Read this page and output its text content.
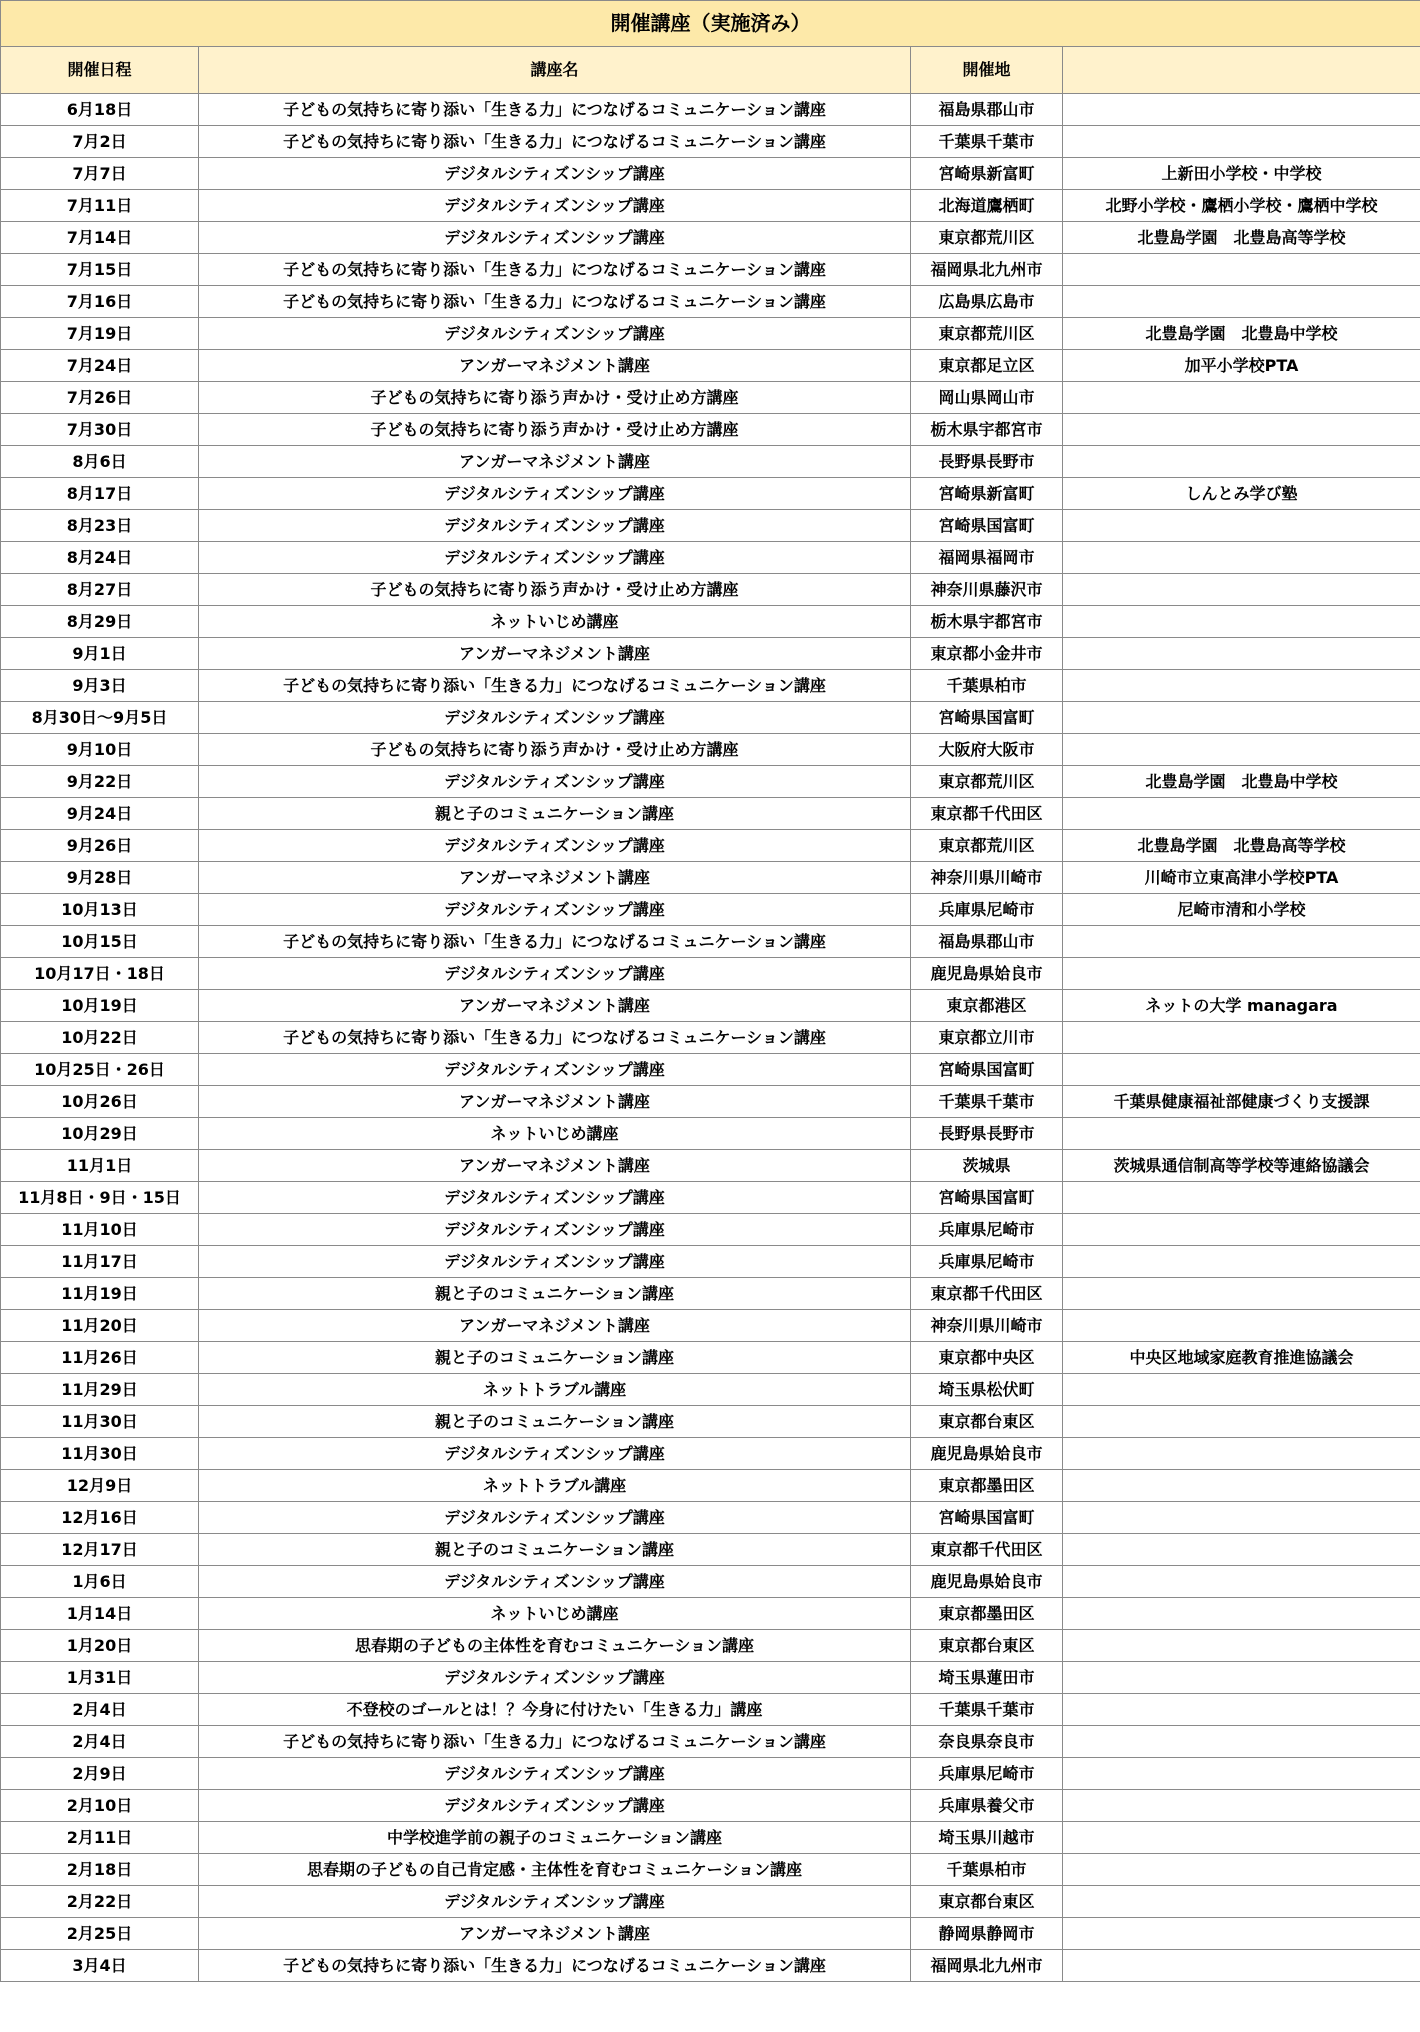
開催講座（実施済み）			
開催日程	講座名	開催地	
6月18日	子どもの気持ちに寄り添い「生きる力」につなげるコミュニケーション講座	福島県郡山市	
7月2日	子どもの気持ちに寄り添い「生きる力」につなげるコミュニケーション講座	千葉県千葉市	
7月7日	デジタルシティズンシップ講座	宮崎県新富町	上新田小学校・中学校
7月11日	デジタルシティズンシップ講座	北海道鷹栖町	北野小学校・鷹栖小学校・鷹栖中学校
7月14日	デジタルシティズンシップ講座	東京都荒川区	北豊島学園　北豊島高等学校
7月15日	子どもの気持ちに寄り添い「生きる力」につなげるコミュニケーション講座	福岡県北九州市	
7月16日	子どもの気持ちに寄り添い「生きる力」につなげるコミュニケーション講座	広島県広島市	
7月19日	デジタルシティズンシップ講座	東京都荒川区	北豊島学園　北豊島中学校
7月24日	アンガーマネジメント講座	東京都足立区	加平小学校PTA
7月26日	子どもの気持ちに寄り添う声かけ・受け止め方講座	岡山県岡山市	
7月30日	子どもの気持ちに寄り添う声かけ・受け止め方講座	栃木県宇都宮市	
8月6日	アンガーマネジメント講座	長野県長野市	
8月17日	デジタルシティズンシップ講座	宮崎県新富町	しんとみ学び塾
8月23日	デジタルシティズンシップ講座	宮崎県国富町	
8月24日	デジタルシティズンシップ講座	福岡県福岡市	
8月27日	子どもの気持ちに寄り添う声かけ・受け止め方講座	神奈川県藤沢市	
8月29日	ネットいじめ講座	栃木県宇都宮市	
9月1日	アンガーマネジメント講座	東京都小金井市	
9月3日	子どもの気持ちに寄り添い「生きる力」につなげるコミュニケーション講座	千葉県柏市	
8月30日～9月5日	デジタルシティズンシップ講座	宮崎県国富町	
9月10日	子どもの気持ちに寄り添う声かけ・受け止め方講座	大阪府大阪市	
9月22日	デジタルシティズンシップ講座	東京都荒川区	北豊島学園　北豊島中学校
9月24日	親と子のコミュニケーション講座	東京都千代田区	
9月26日	デジタルシティズンシップ講座	東京都荒川区	北豊島学園　北豊島高等学校
9月28日	アンガーマネジメント講座	神奈川県川崎市	川崎市立東高津小学校PTA
10月13日	デジタルシティズンシップ講座	兵庫県尼崎市	尼崎市清和小学校
10月15日	子どもの気持ちに寄り添い「生きる力」につなげるコミュニケーション講座	福島県郡山市	
10月17日・18日	デジタルシティズンシップ講座	鹿児島県姶良市	
10月19日	アンガーマネジメント講座	東京都港区	ネットの大学 managara
10月22日	子どもの気持ちに寄り添い「生きる力」につなげるコミュニケーション講座	東京都立川市	
10月25日・26日	デジタルシティズンシップ講座	宮崎県国富町	
10月26日	アンガーマネジメント講座	千葉県千葉市	千葉県健康福祉部健康づくり支援課
10月29日	ネットいじめ講座	長野県長野市	
11月1日	アンガーマネジメント講座	茨城県	茨城県通信制高等学校等連絡協議会
11月8日・9日・15日	デジタルシティズンシップ講座	宮崎県国富町	
11月10日	デジタルシティズンシップ講座	兵庫県尼崎市	
11月17日	デジタルシティズンシップ講座	兵庫県尼崎市	
11月19日	親と子のコミュニケーション講座	東京都千代田区	
11月20日	アンガーマネジメント講座	神奈川県川崎市	
11月26日	親と子のコミュニケーション講座	東京都中央区	中央区地域家庭教育推進協議会
11月29日	ネットトラブル講座	埼玉県松伏町	
11月30日	親と子のコミュニケーション講座	東京都台東区	
11月30日	デジタルシティズンシップ講座	鹿児島県姶良市	
12月9日	ネットトラブル講座	東京都墨田区	
12月16日	デジタルシティズンシップ講座	宮崎県国富町	
12月17日	親と子のコミュニケーション講座	東京都千代田区	
1月6日	デジタルシティズンシップ講座	鹿児島県姶良市	
1月14日	ネットいじめ講座	東京都墨田区	
1月20日	思春期の子どもの主体性を育むコミュニケーション講座	東京都台東区	
1月31日	デジタルシティズンシップ講座	埼玉県蓮田市	
2月4日	不登校のゴールとは！？今身に付けたい「生きる力」講座	千葉県千葉市	
2月4日	子どもの気持ちに寄り添い「生きる力」につなげるコミュニケーション講座	奈良県奈良市	
2月9日	デジタルシティズンシップ講座	兵庫県尼崎市	
2月10日	デジタルシティズンシップ講座	兵庫県養父市	
2月11日	中学校進学前の親子のコミュニケーション講座	埼玉県川越市	
2月18日	思春期の子どもの自己肯定感・主体性を育むコミュニケーション講座	千葉県柏市	
2月22日	デジタルシティズンシップ講座	東京都台東区	
2月25日	アンガーマネジメント講座	静岡県静岡市	
3月4日	子どもの気持ちに寄り添い「生きる力」につなげるコミュニケーション講座	福岡県北九州市	
